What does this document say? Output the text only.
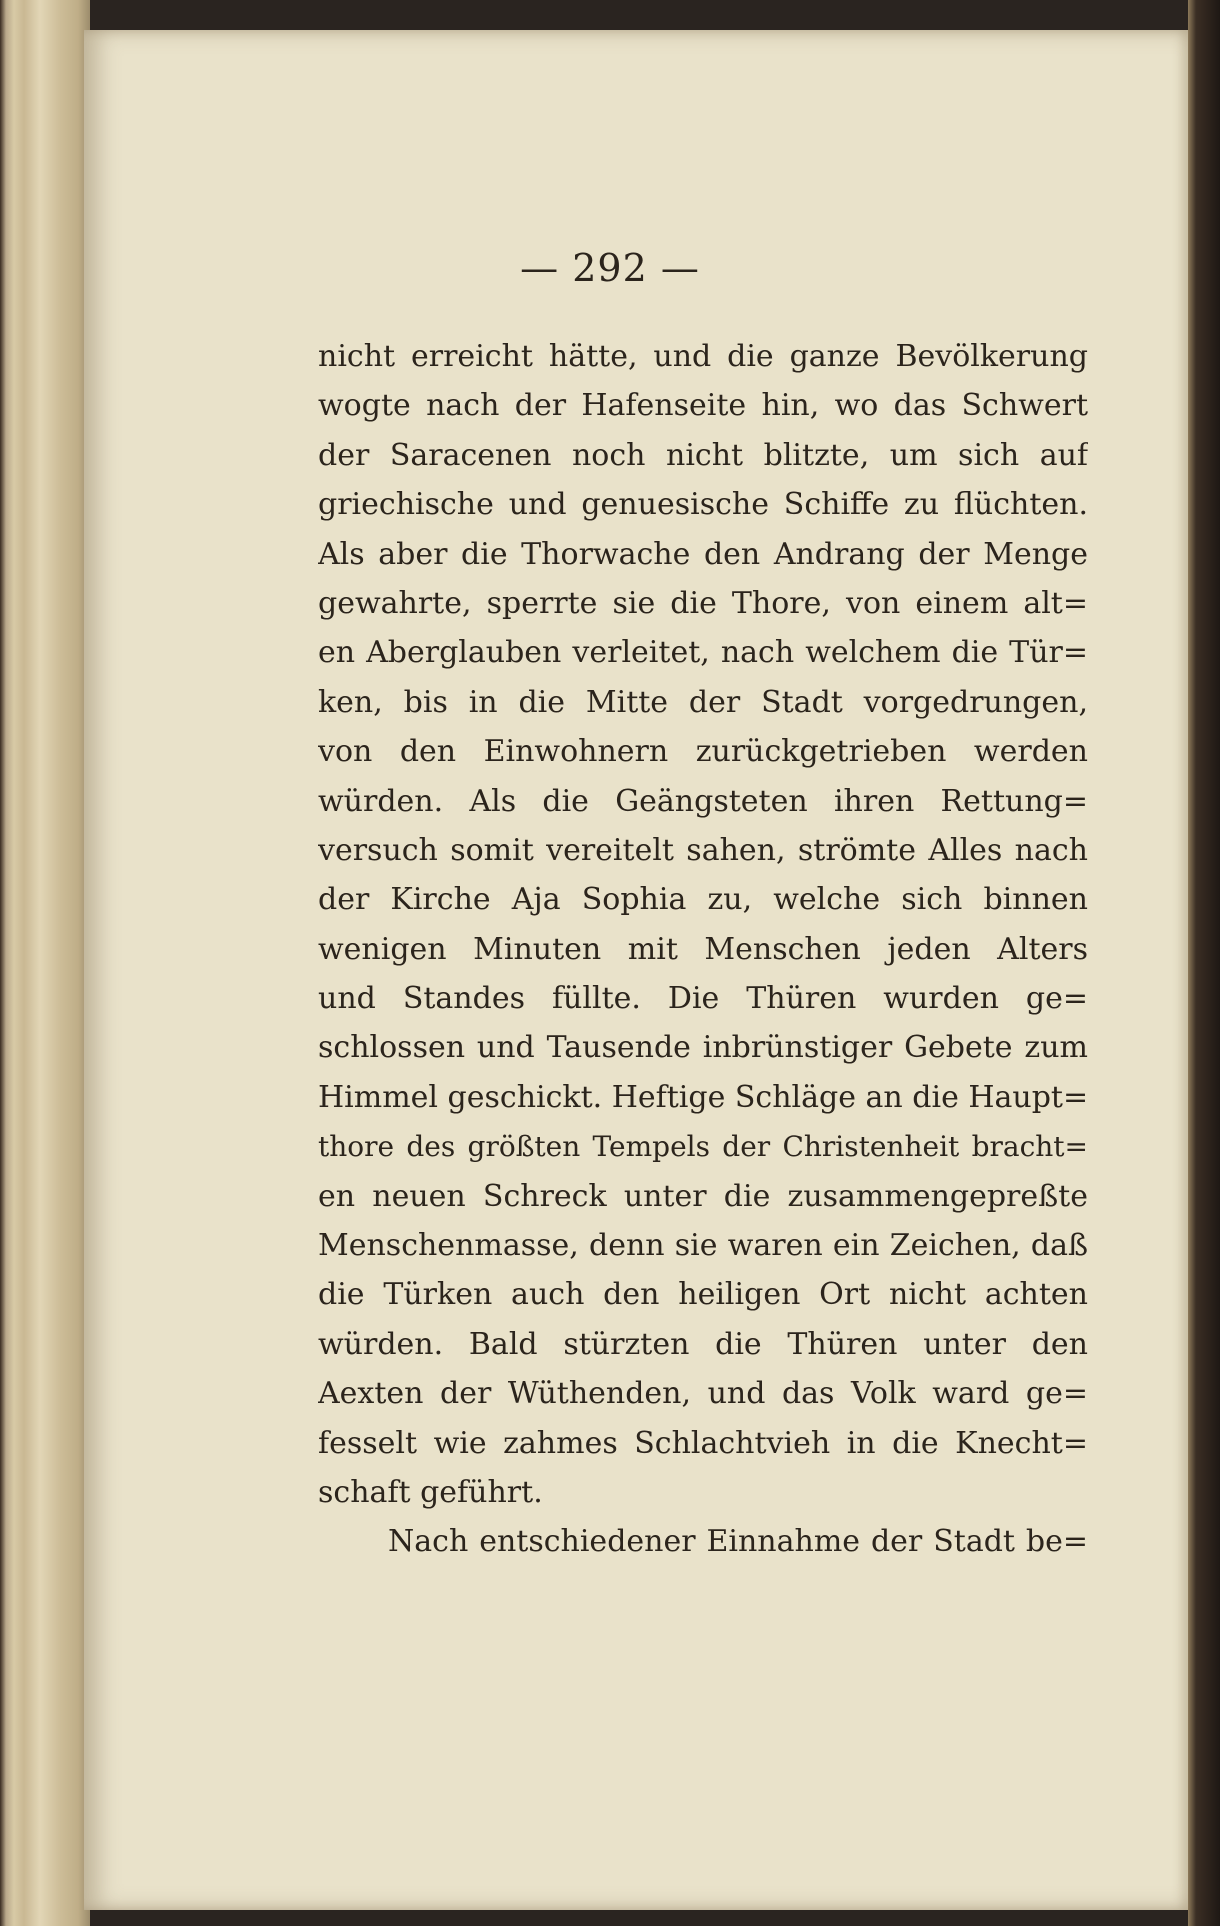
— 292 —
nicht erreicht hätte, und die ganze Bevölkerung
wogte nach der Hafenseite hin, wo das Schwert
der Saracenen noch nicht blitzte, um sich auf
griechische und genuesische Schiffe zu flüchten.
Als aber die Thorwache den Andrang der Menge
gewahrte, sperrte sie die Thore, von einem alt=
en Aberglauben verleitet, nach welchem die Tür=
ken, bis in die Mitte der Stadt vorgedrungen,
von den Einwohnern zurückgetrieben werden
würden. Als die Geängsteten ihren Rettung=
versuch somit vereitelt sahen, strömte Alles nach
der Kirche Aja Sophia zu, welche sich binnen
wenigen Minuten mit Menschen jeden Alters
und Standes füllte. Die Thüren wurden ge=
schlossen und Tausende inbrünstiger Gebete zum
Himmel geschickt. Heftige Schläge an die Haupt=
thore des größten Tempels der Christenheit bracht=
en neuen Schreck unter die zusammengepreßte
Menschenmasse, denn sie waren ein Zeichen, daß
die Türken auch den heiligen Ort nicht achten
würden. Bald stürzten die Thüren unter den
Aexten der Wüthenden, und das Volk ward ge=
fesselt wie zahmes Schlachtvieh in die Knecht=
schaft geführt.
Nach entschiedener Einnahme der Stadt be=
